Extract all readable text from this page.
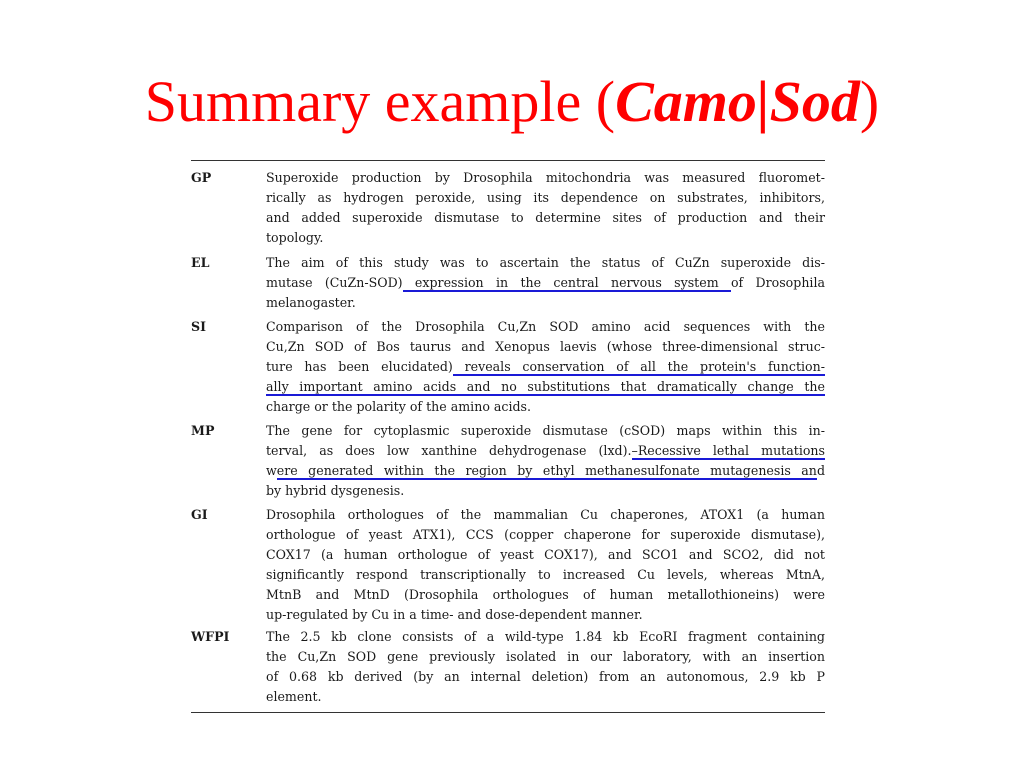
Summary example (Camo|Sod)
GP	Superoxide production by Drosophila mitochondria was measured fluoromet-
rically as hydrogen peroxide, using its dependence on substrates, inhibitors,
and added superoxide dismutase to determine sites of production and their
topology.
EL	The aim of this study was to ascertain the status of CuZn superoxide dis-
mutase (CuZn-SOD) expression in the central nervous system of Drosophila
melanogaster.
SI	Comparison of the Drosophila Cu,Zn SOD amino acid sequences with the
Cu,Zn SOD of Bos taurus and Xenopus laevis (whose three-dimensional struc-
ture has been elucidated) reveals conservation of all the protein's function-
ally important amino acids and no substitutions that dramatically change the
charge or the polarity of the amino acids.
MP	The gene for cytoplasmic superoxide dismutase (cSOD) maps within this in-
terval, as does low xanthine dehydrogenase (lxd).–Recessive lethal mutations
were generated within the region by ethyl methanesulfonate mutagenesis and
by hybrid dysgenesis.
GI	Drosophila orthologues of the mammalian Cu chaperones, ATOX1 (a human
orthologue of yeast ATX1), CCS (copper chaperone for superoxide dismutase),
COX17 (a human orthologue of yeast COX17), and SCO1 and SCO2, did not
significantly respond transcriptionally to increased Cu levels, whereas MtnA,
MtnB and MtnD (Drosophila orthologues of human metallothioneins) were
up-regulated by Cu in a time- and dose-dependent manner.
WFPI	The 2.5 kb clone consists of a wild-type 1.84 kb EcoRI fragment containing
the Cu,Zn SOD gene previously isolated in our laboratory, with an insertion
of 0.68 kb derived (by an internal deletion) from an autonomous, 2.9 kb P
element.
